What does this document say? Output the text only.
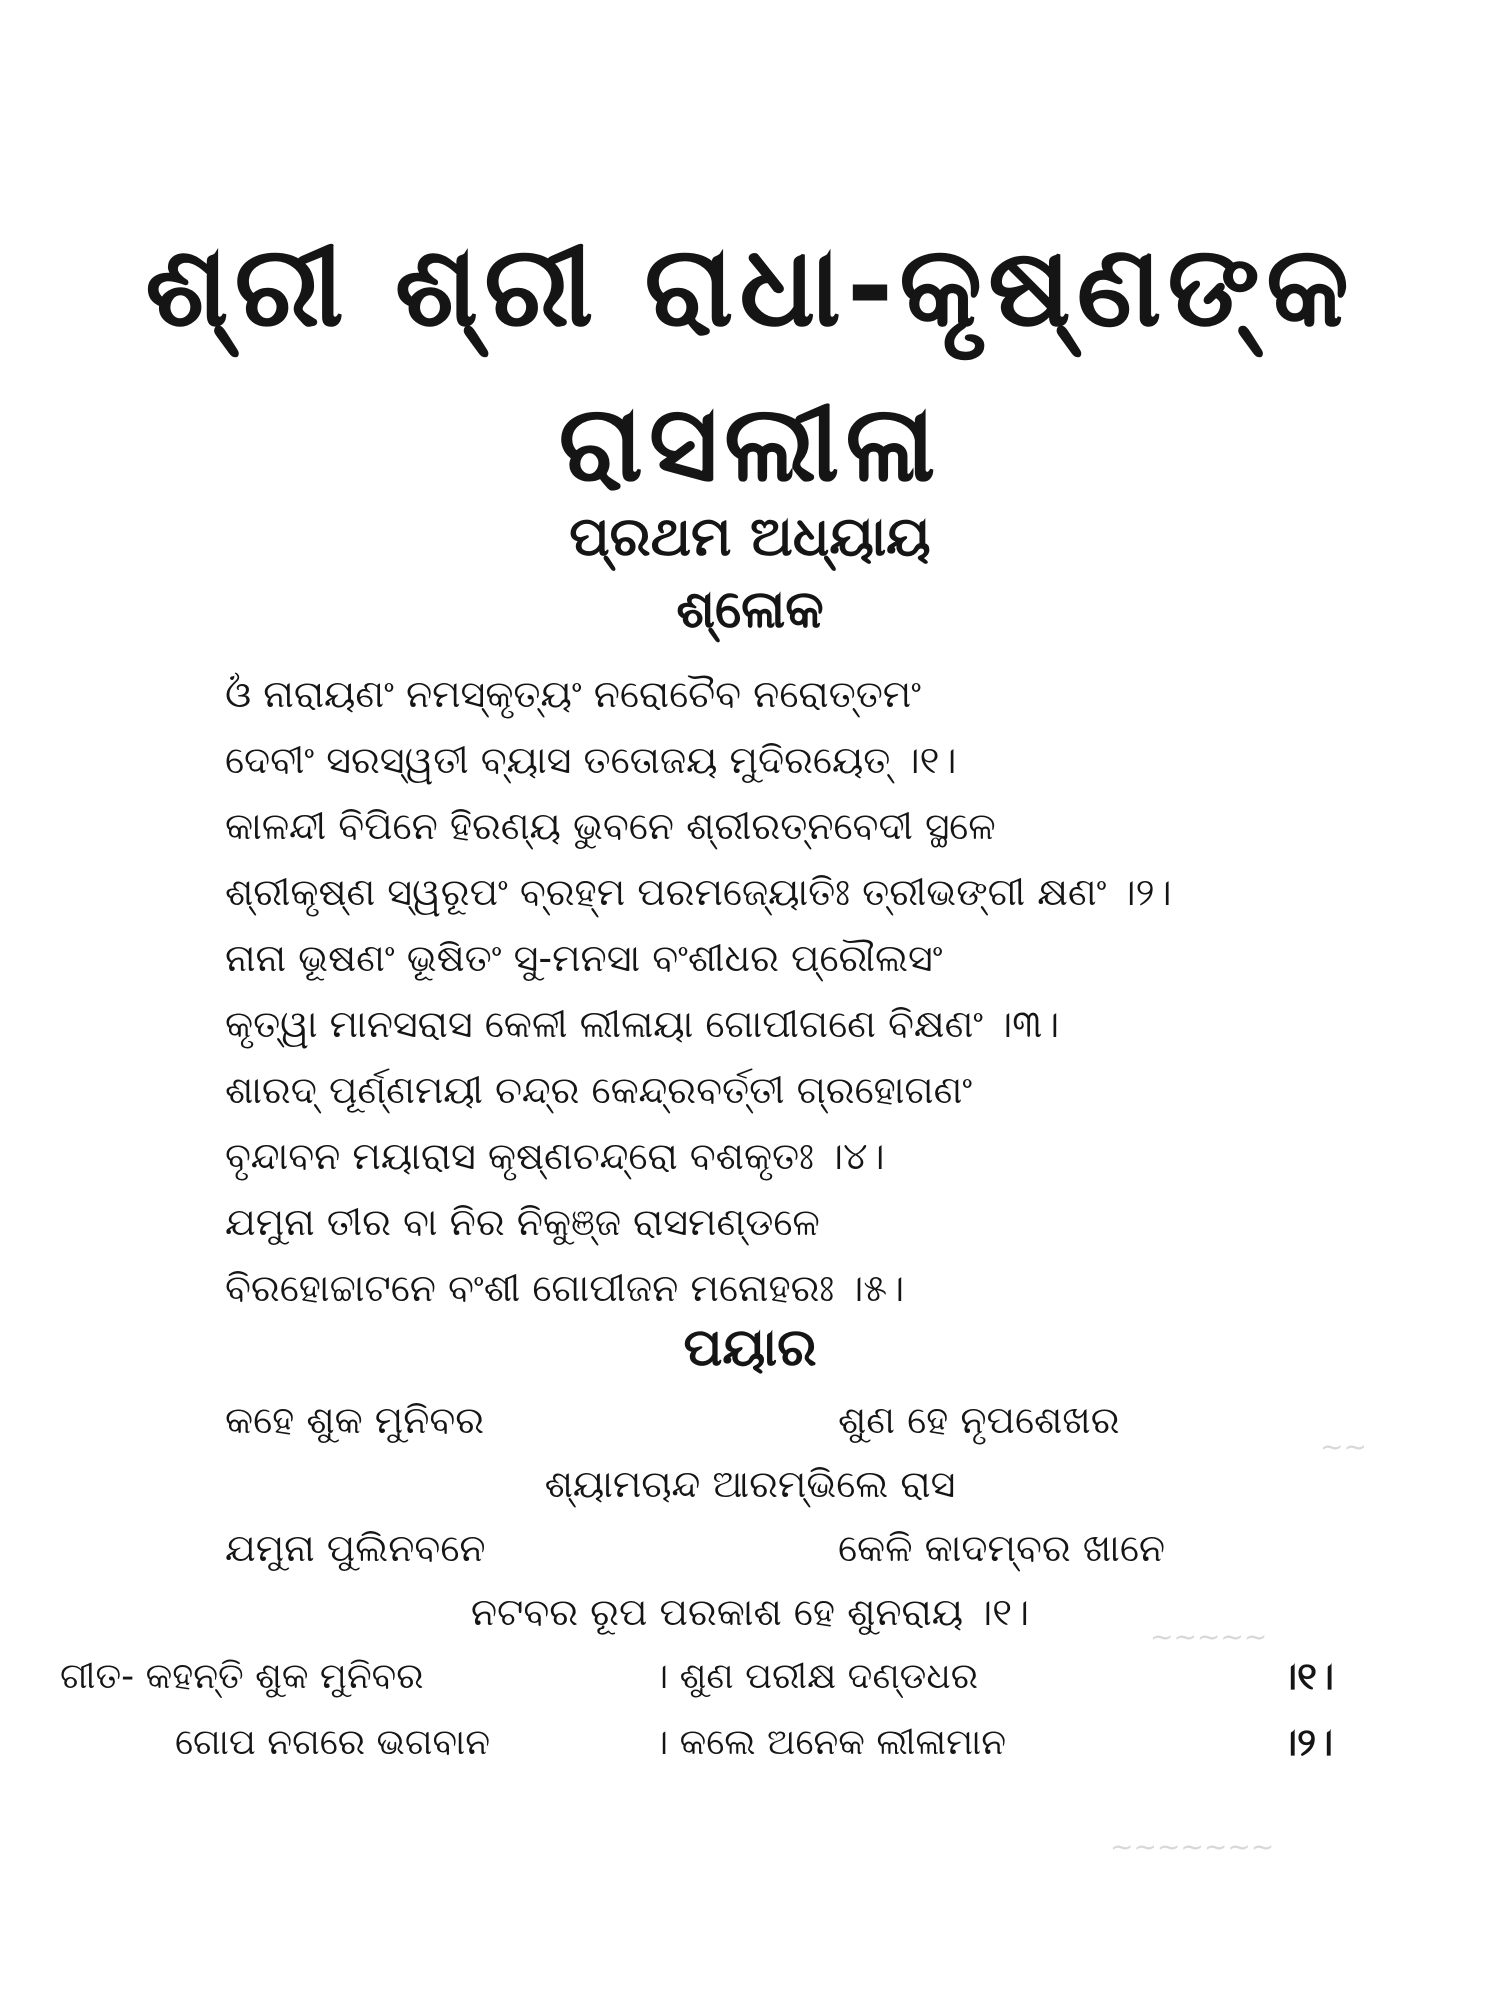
~~
~~~~~
~~~~~~~
ଶ୍ରୀ ଶ୍ରୀ ରାଧା-କୃଷ୍ଣଙ୍କ
ରାସଲୀଳା
ପ୍ରଥମ ଅଧ୍ୟାୟ
ଶ୍ଳୋକ
ଓଁ ନାରାୟଣଂ ନମସ୍କୃତ୍ୟଂ ନରୋଚୈବ ନରୋତ୍ତମଂ
ଦେବୀଂ ସରସ୍ୱତୀ ବ୍ୟାସ ତତୋଜୟ ମୁଦିରୟେତ୍ ।୧।
କାଳନ୍ଦୀ ବିପିନେ ହିରଣ୍ୟ ଭୁବନେ ଶ୍ରୀରତ୍ନବେଦୀ ସ୍ଥଳେ
ଶ୍ରୀକୃଷ୍ଣ ସ୍ୱରୂପଂ ବ୍ରହ୍ମ ପରମଜ୍ୟୋତିଃ ତ୍ରୀଭଙ୍ଗୀ କ୍ଷଣଂ ।୨।
ନାନା ଭୂଷଣଂ ଭୂଷିତଂ ସୁ-ମନସା ବଂଶୀଧର ପ୍ରୌଲସଂ
କୃତ୍ୱା ମାନସରାସ କେଳୀ ଲୀଳାୟା ଗୋପୀଗଣେ ବିକ୍ଷଣଂ ।୩।
ଶାରଦ୍ ପୂର୍ଣ୍ଣମୟୀ ଚନ୍ଦ୍ର କେନ୍ଦ୍ରବର୍ତ୍ତୀ ଗ୍ରହୋଗଣଂ
ବୃନ୍ଦାବନ ମୟାରାସ କୃଷ୍ଣଚନ୍ଦ୍ରୋ ବଶକୃତଃ ।୪।
ଯମୁନା ତୀର ବା ନିର ନିକୁଞ୍ଜ ରାସମଣ୍ଡଳେ
ବିରହୋଚ୍ଚାଟନେ ବଂଶୀ ଗୋପୀଜନ ମନୋହରଃ ।୫।
ପୟାର
କହେ ଶୁକ ମୁନିବର	ଶୁଣ ହେ ନୃପଶେଖର
ଶ୍ୟାମଚାନ୍ଦ ଆରମ୍ଭିଲେ ରାସ
ଯମୁନା ପୁଲିନବନେ	କେଳି କାଦମ୍ବର ଖାନେ
ନଟବର ରୂପ ପରକାଶ ହେ ଶୁନରାୟ ।୧।
ଗୀତ- କହନ୍ତି ଶୁକ ମୁନିବର	। ଶୁଣ ପରୀକ୍ଷ ଦଣ୍ଡଧର	।୧।
ଗୋପ ନଗରେ ଭଗବାନ	। କଲେ ଅନେକ ଲୀଳାମାନ	।୨।
